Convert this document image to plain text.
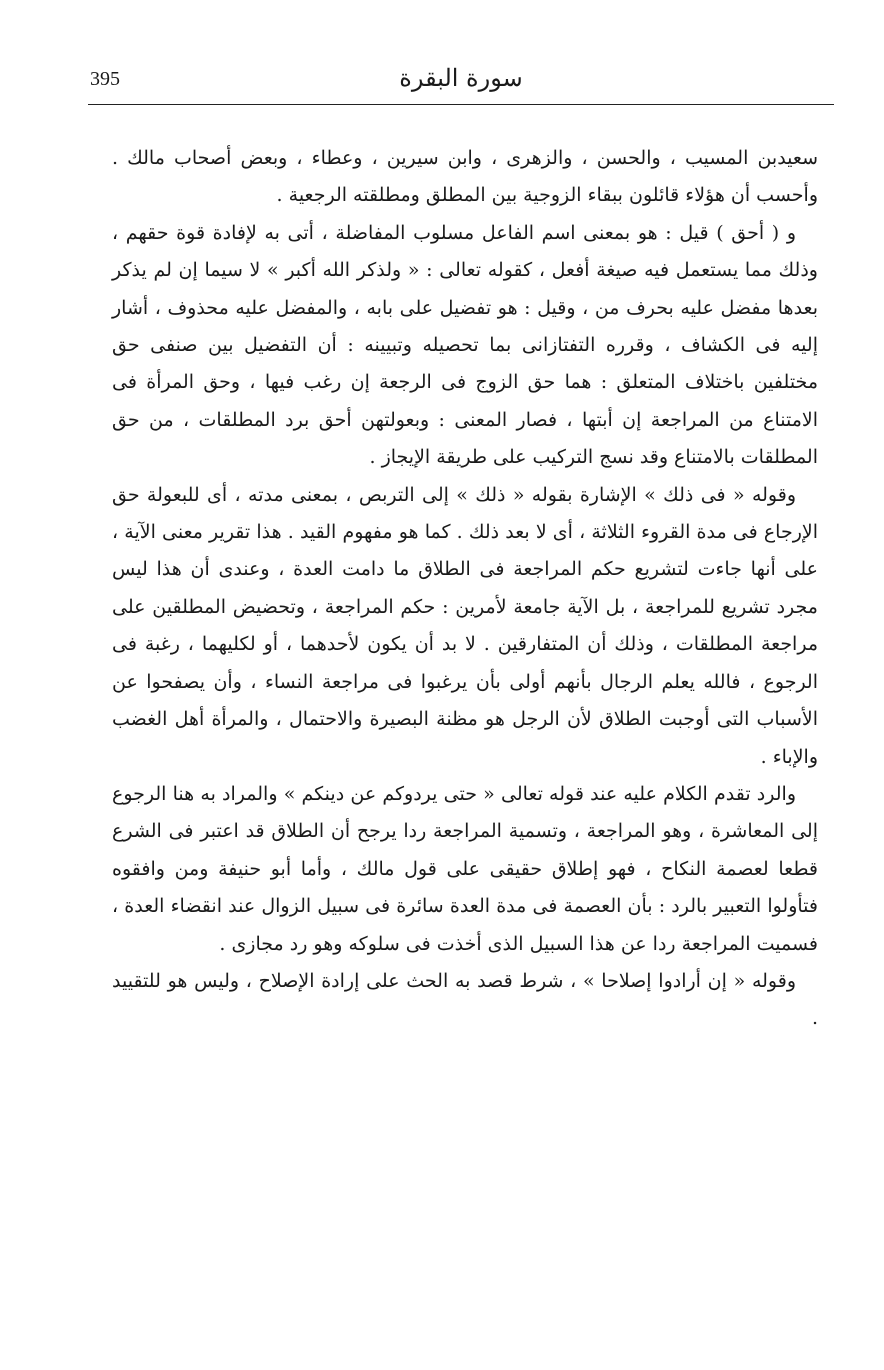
395	سورة البقرة

سعيدبن المسيب ، والحسن ، والزهرى ، وابن سيرين ، وعطاء ، وبعض أصحاب مالك . وأحسب أن هؤلاء قائلون ببقاء الزوجية بين المطلق ومطلقته الرجعية .

و ( أحق ) قيل : هو بمعنى اسم الفاعل مسلوب المفاضلة ، أتى به لإفادة قوة حقهم ، وذلك مما يستعمل فيه صيغة أفعل ، كقوله تعالى : « ولذكر الله أكبر » لا سيما إن لم يذكر بعدها مفضل عليه بحرف من ، وقيل : هو تفضيل على بابه ، والمفضل عليه محذوف ، أشار إليه فى الكشاف ، وقرره التفتازانى بما تحصيله وتبيينه : أن التفضيل بين صنفى حق مختلفين باختلاف المتعلق : هما حق الزوج فى الرجعة إن رغب فيها ، وحق المرأة فى الامتناع من المراجعة إن أبتها ، فصار المعنى : وبعولتهن أحق برد المطلقات ، من حق المطلقات بالامتناع وقد نسج التركيب على طريقة الإيجاز .

وقوله « فى ذلك » الإشارة بقوله « ذلك » إلى التربص ، بمعنى مدته ، أى للبعولة حق الإرجاع فى مدة القروء الثلاثة ، أى لا بعد ذلك . كما هو مفهوم القيد . هذا تقرير معنى الآية ، على أنها جاءت لتشريع حكم المراجعة فى الطلاق ما دامت العدة ، وعندى أن هذا ليس مجرد تشريع للمراجعة ، بل الآية جامعة لأمرين : حكم المراجعة ، وتحضيض المطلقين على مراجعة المطلقات ، وذلك أن المتفارقين . لا بد أن يكون لأحدهما ، أو لكليهما ، رغبة فى الرجوع ، فالله يعلم الرجال بأنهم أولى بأن يرغبوا فى مراجعة النساء ، وأن يصفحوا عن الأسباب التى أوجبت الطلاق لأن الرجل هو مظنة البصيرة والاحتمال ، والمرأة أهل الغضب والإباء .

والرد تقدم الكلام عليه عند قوله تعالى « حتى يردوكم عن دينكم » والمراد به هنا الرجوع إلى المعاشرة ، وهو المراجعة ، وتسمية المراجعة ردا يرجح أن الطلاق قد اعتبر فى الشرع قطعا لعصمة النكاح ، فهو إطلاق حقيقى على قول مالك ، وأما أبو حنيفة ومن وافقوه فتأولوا التعبير بالرد : بأن العصمة فى مدة العدة سائرة فى سبيل الزوال عند انقضاء العدة ، فسميت المراجعة ردا عن هذا السبيل الذى أخذت فى سلوكه وهو رد مجازى .

وقوله « إن أرادوا إصلاحا » ، شرط قصد به الحث على إرادة الإصلاح ، وليس هو للتقييد .
